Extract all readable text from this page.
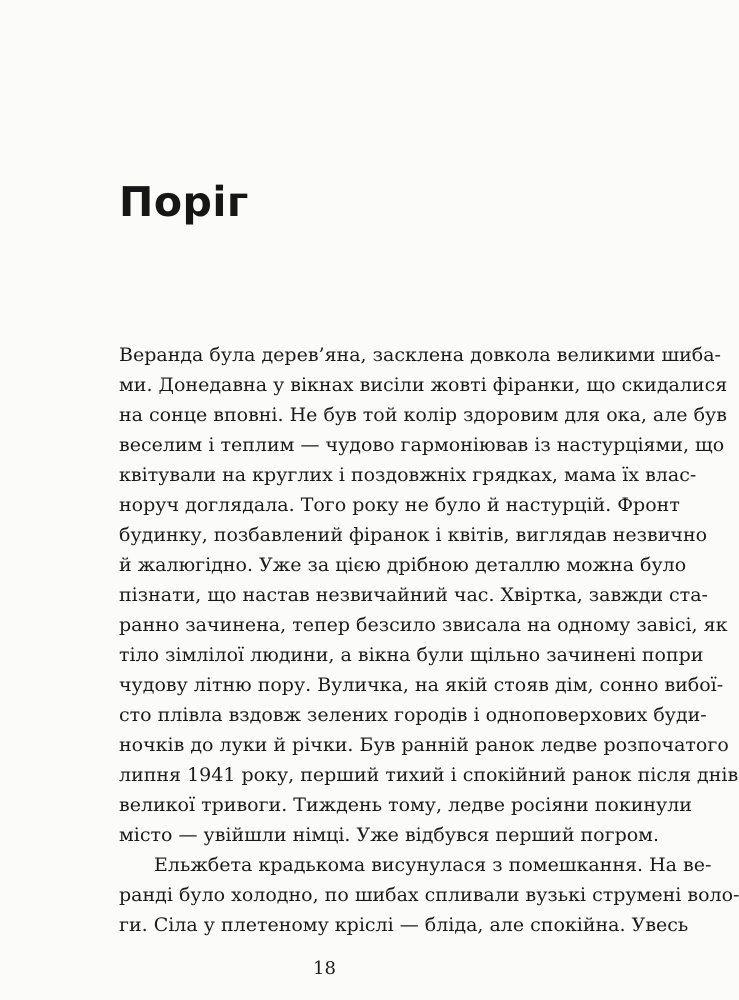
Поріг
Веранда була дерев’яна, засклена довкола великими шиба-
ми. Донедавна у вікнах висіли жовті фіранки, що скидалися
на сонце вповні. Не був той колір здоровим для ока, але був
веселим і теплим — чудово гармоніював із настурціями, що
квітували на круглих і поздовжніх грядках, мама їх влас-
норуч доглядала. Того року не було й настурцій. Фронт
будинку, позбавлений фіранок і квітів, виглядав незвично
й жалюгідно. Уже за цією дрібною деталлю можна було
пізнати, що настав незвичайний час. Хвіртка, завжди ста-
ранно зачинена, тепер безсило звисала на одному завісі, як
тіло зімлілої людини, а вікна були щільно зачинені попри
чудову літню пору. Вуличка, на якій стояв дім, сонно вибої-
сто плівла вздовж зелених городів і одноповерхових буди-
ночків до луки й річки. Був ранній ранок ледве розпочатого
липня 1941 року, перший тихий і спокійний ранок після днів
великої тривоги. Тиждень тому, ледве росіяни покинули
місто — увійшли німці. Уже відбувся перший погром.
Ельжбета крадькома висунулася з помешкання. На ве-
ранді було холодно, по шибах спливали вузькі струмені воло-
ги. Сіла у плетеному кріслі — бліда, але спокійна. Увесь
18
